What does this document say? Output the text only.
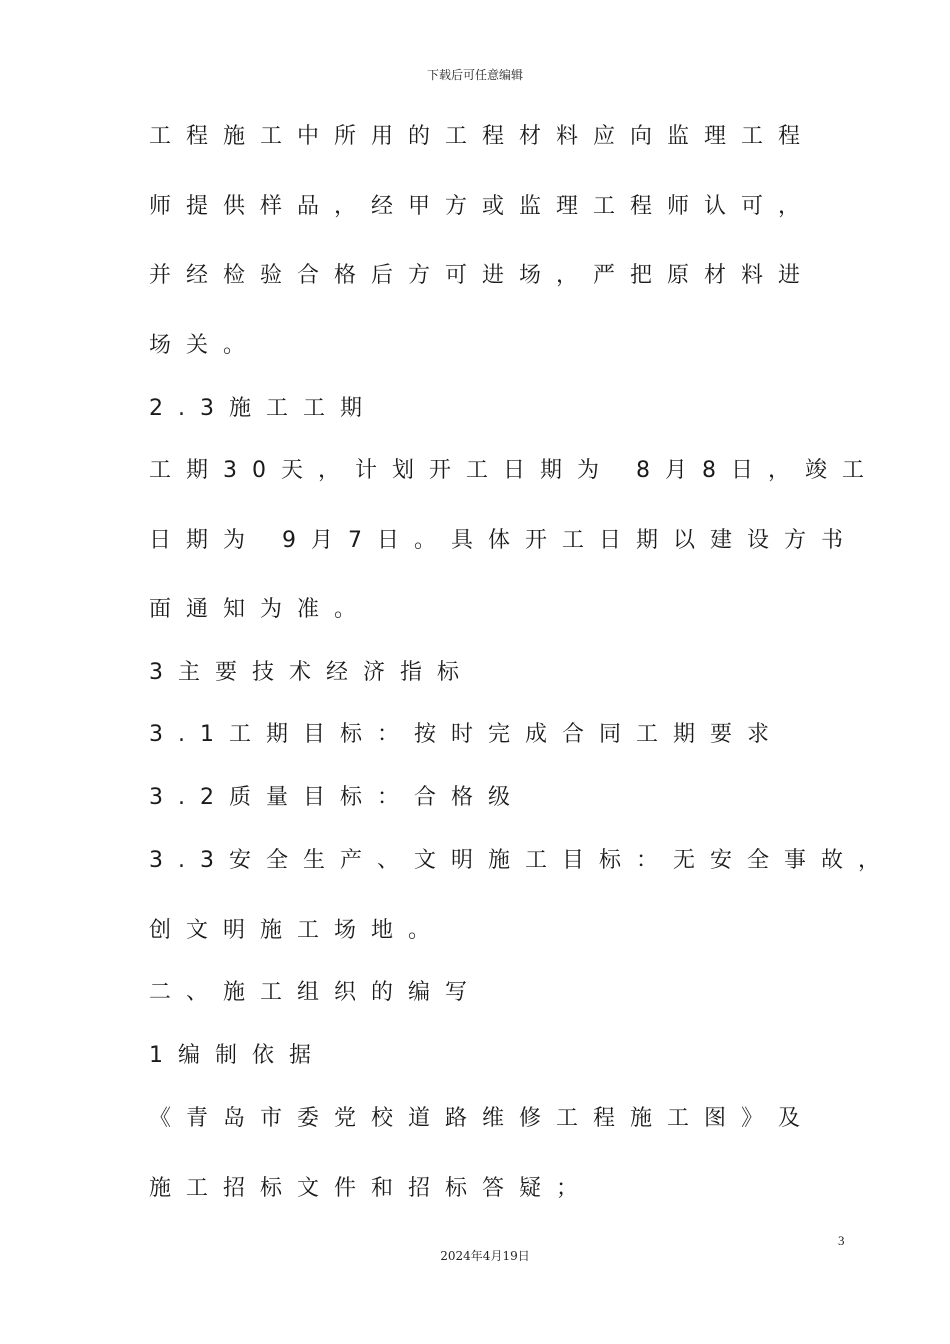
下载后可任意编辑
工程施工中所用的工程材料应向监理工程
师提供样品，经甲方或监理工程师认可，
并经检验合格后方可进场，严把原材料进
场关。
2.3施工工期
工期30天，计划开工日期为 8月8日，竣工
日期为 9月7日。具体开工日期以建设方书
面通知为准。
3主要技术经济指标
3.1工期目标：按时完成合同工期要求
3.2质量目标：合格级
3.3安全生产、文明施工目标：无安全事故，
创文明施工场地。
二、施工组织的编写
1编制依据
《青岛市委党校道路维修工程施工图》及
施工招标文件和招标答疑；
3
2024年4月19日
